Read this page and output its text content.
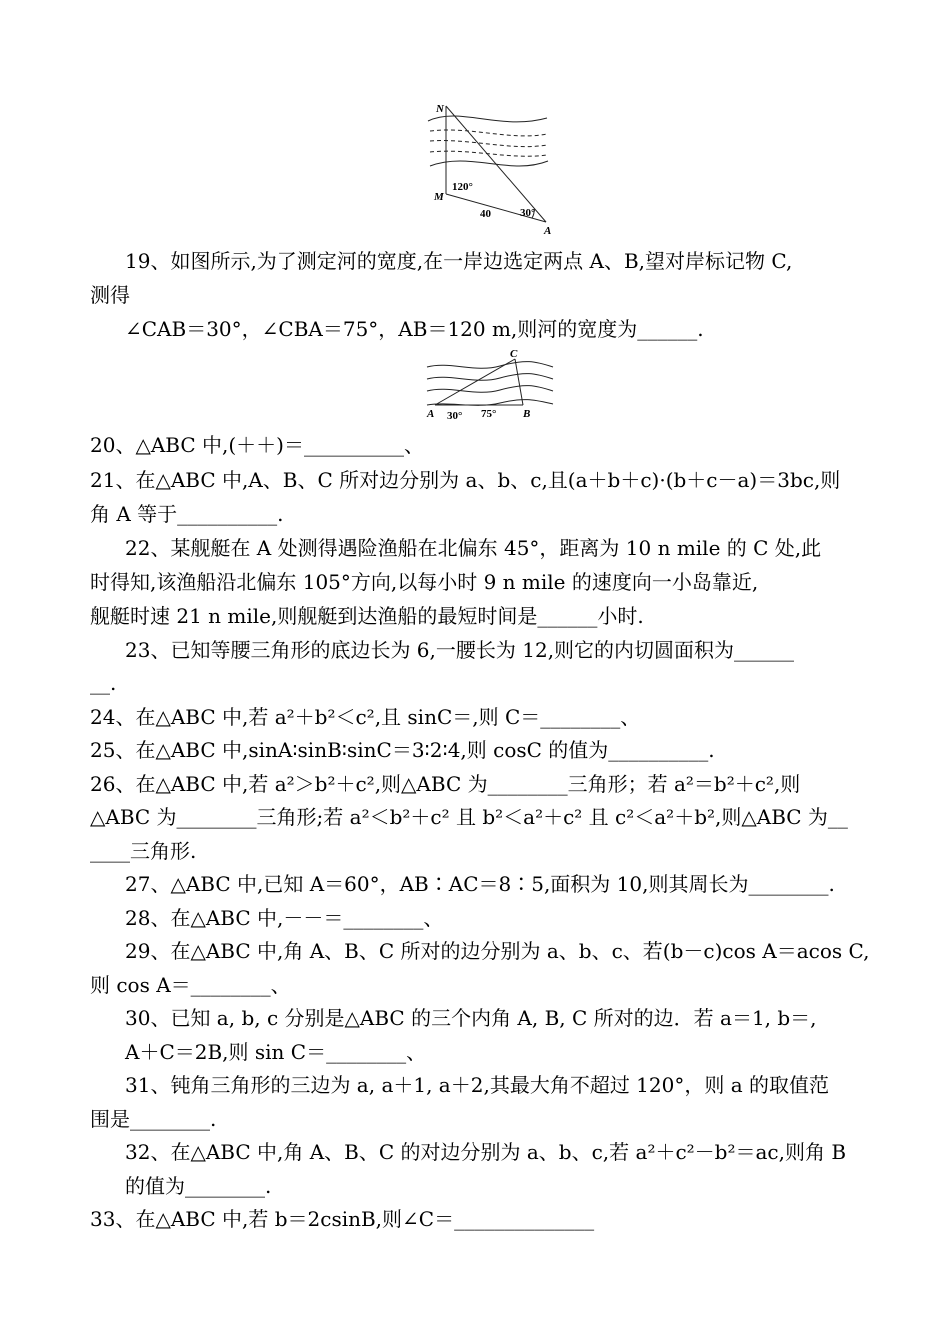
N
M
A
120°
40	30°
C
A	B
30° 75°
19、如图所示,为了测定河的宽度,在一岸边选定两点 A、B,望对岸标记物 C,
测得
∠CAB＝30°，∠CBA＝75°，AB＝120 m,则河的宽度为______.
20、△ABC 中,(＋＋)＝__________、
21、在△ABC 中,A、B、C 所对边分别为 a、b、c,且(a＋b＋c)·(b＋c－a)＝3bc,则
角 A 等于__________.
22、某舰艇在 A 处测得遇险渔船在北偏东 45°，距离为 10 n mile 的 C 处,此
时得知,该渔船沿北偏东 105°方向,以每小时 9 n mile 的速度向一小岛靠近,
舰艇时速 21 n mile,则舰艇到达渔船的最短时间是______小时.
23、已知等腰三角形的底边长为 6,一腰长为 12,则它的内切圆面积为______
__.
24、在△ABC 中,若 a²＋b²＜c²,且 sinC＝,则 C＝________、
25、在△ABC 中,sinA∶sinB∶sinC＝3∶2∶4,则 cosC 的值为__________.
26、在△ABC 中,若 a²＞b²＋c²,则△ABC 为________三角形；若 a²＝b²＋c²,则
△ABC 为________三角形;若 a²＜b²＋c² 且 b²＜a²＋c² 且 c²＜a²＋b²,则△ABC 为__
____三角形.
27、△ABC 中,已知 A＝60°，AB∶AC＝8∶5,面积为 10,则其周长为________.
28、在△ABC 中,－－＝________、
29、在△ABC 中,角 A、B、C 所对的边分别为 a、b、c、若(b－c)cos A＝acos C,
则 cos A＝________、
30、已知 a, b, c 分别是△ABC 的三个内角 A, B, C 所对的边．若 a＝1, b＝,
A＋C＝2B,则 sin C＝________、
31、钝角三角形的三边为 a, a＋1, a＋2,其最大角不超过 120°，则 a 的取值范
围是________.
32、在△ABC 中,角 A、B、C 的对边分别为 a、b、c,若 a²＋c²－b²＝ac,则角 B
的值为________.
33、在△ABC 中,若 b＝2csinB,则∠C＝______________
